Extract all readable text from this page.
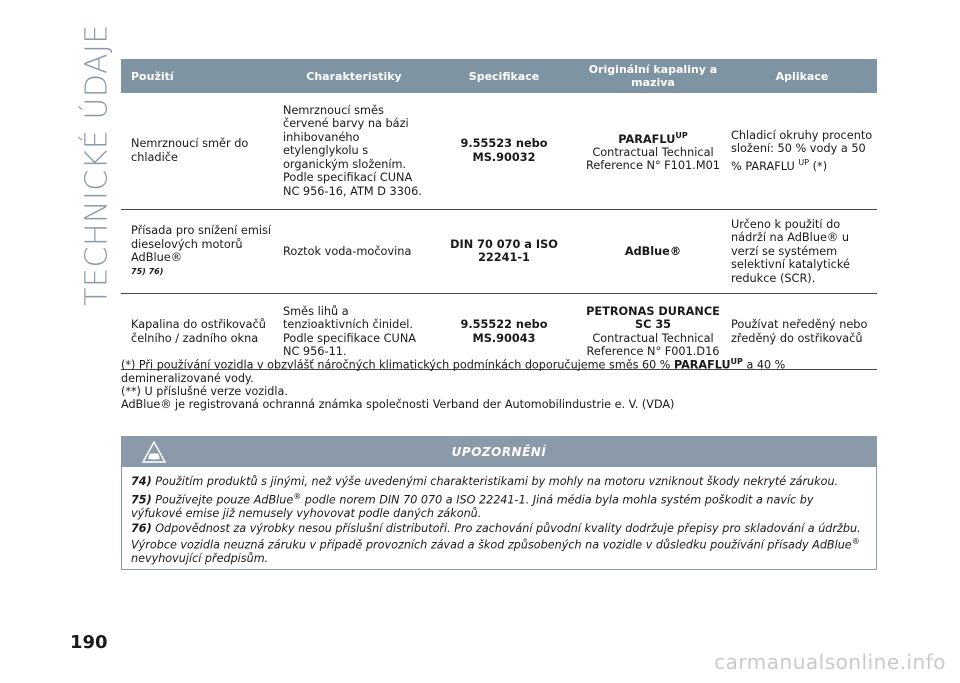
TECHNICKÉ ÚDAJE Použití	Charakteristiky	Specifikace	Originální kapaliny a maziva	Aplikace
Nemrznoucí směr do chladiče	Nemrznoucí směs červené barvy na bázi inhibovaného etylenglykolu s organickým složením. Podle specifikací CUNA NC 956-16, ATM D 3306.	9.55523 nebo MS.90032	$PARAFLU^{UP}$
Contractual Technical
Reference N° F101.M01	Chladicí okruhy procento složení: 50 % vody a 50 % PARAFLU $^{UP}$ (*)
Přísada pro snížení emisí dieselových motorů AdBlue®
75) 76)	Roztok voda-močovina	DIN 70 070 a ISO 22241-1	AdBlue®	Určeno k použití do nádrží na AdBlue® u verzí se systémem selektivní katalytické redukce (SCR).
Kapalina do ostřikovačů čelního / zadního okna	Směs lihů a tenzioaktivních činidel. Podle specifikace CUNA NC 956-11.	9.55522 nebo MS.90043	PETRONAS DURANCE SC 35
Contractual Technical
Reference N° F001.D16	Používat neředěný nebo zředěný do ostřikovačů

(*) Při používání vozidla v obzvlášť náročných klimatických podmínkách doporučujeme směs 60 % $PARAFLU^{UP}$ a 40 % demineralizované vody.

(**) U příslušné verze vozidla.

AdBlue® je registrovaná ochranná známka společnosti Verband der Automobilindustrie e. V. (VDA)

UPOZORNĚNÍ

74) Použitím produktů s jinými, než výše uvedenými charakteristikami by mohly na motoru vzniknout škody nekryté zárukou.

75) Používejte pouze AdBlue® podle norem DIN 70 070 a ISO 22241-1. Jiná média byla mohla systém poškodit a navíc by výfukové emise již nemusely vyhovovat podle daných zákonů.

76) Odpovědnost za výrobky nesou příslušní distributoři. Pro zachování původní kvality dodržuje přepisy pro skladování a údržbu. Výrobce vozidla neuzná záruku v případě provozních závad a škod způsobených na vozidle v důsledku používání přísady AdBlue® nevyhovující předpisům.

190
carmanualsonline.info
